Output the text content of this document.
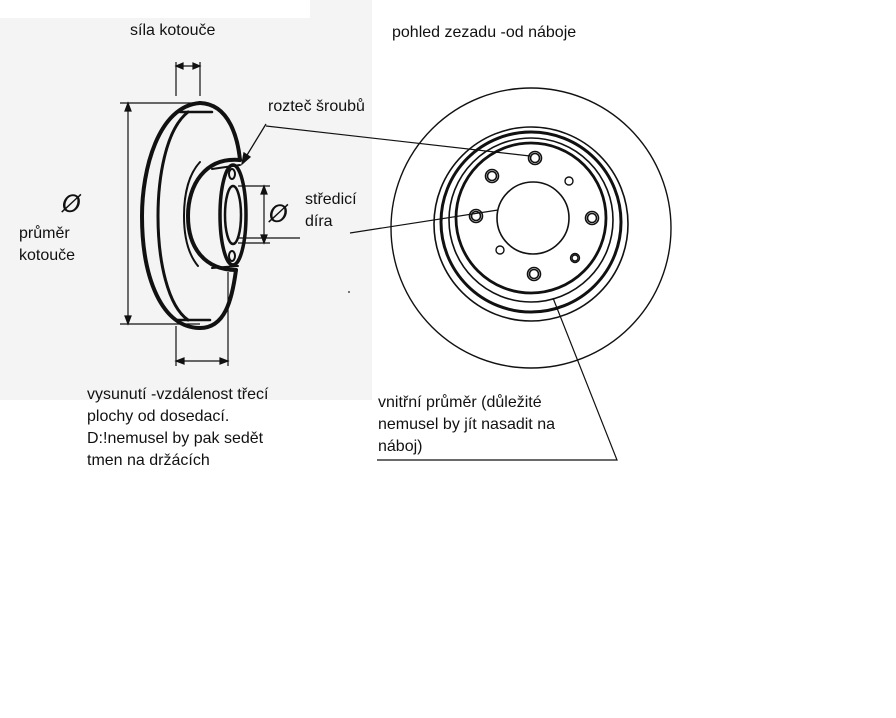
síla kotouče	pohled zezadu -od náboje
rozteč šroubů
středicí
díra
Ø	Ø
průměr
kotouče
vysunutí -vzdálenost třecí
plochy od dosedací.
D:!nemusel by pak sedět
tmen na držácích
vnitřní průměr (důležité
nemusel by jít nasadit na
náboj)
